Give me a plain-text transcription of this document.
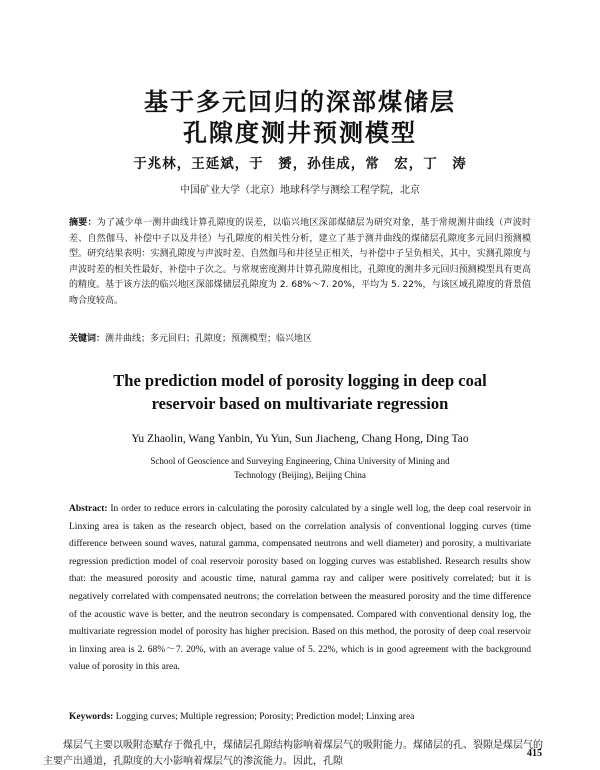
基于多元回归的深部煤储层
孔隙度测井预测模型
于兆林，王延斌，于　赟，孙佳成，常　宏，丁　涛
中国矿业大学（北京）地球科学与测绘工程学院，北京
摘要：为了减少单一测井曲线计算孔隙度的误差，以临兴地区深部煤储层为研究对象，基于常规测井曲线（声波时差、自然伽马、补偿中子以及井径）与孔隙度的相关性分析，建立了基于测井曲线的煤储层孔隙度多元回归预测模型。研究结果表明：实测孔隙度与声波时差、自然伽马和井径呈正相关，与补偿中子呈负相关，其中，实测孔隙度与声波时差的相关性最好，补偿中子次之。与常规密度测井计算孔隙度相比，孔隙度的测井多元回归预测模型具有更高的精度。基于该方法的临兴地区深部煤储层孔隙度为 2. 68%～7. 20%，平均为 5. 22%，与该区域孔隙度的背景值吻合度较高。
关键词：测井曲线；多元回归；孔隙度；预测模型；临兴地区
The prediction model of porosity logging in deep coal
reservoir based on multivariate regression
Yu Zhaolin, Wang Yanbin, Yu Yun, Sun Jiacheng, Chang Hong, Ding Tao
School of Geoscience and Surveying Engineering, China University of Mining and
Technology (Beijing), Beijing China
Abstract: In order to reduce errors in calculating the porosity calculated by a single well log, the deep coal reservoir in Linxing area is taken as the research object, based on the correlation analysis of conventional logging curves (time difference between sound waves, natural gamma, compensated neutrons and well diameter) and porosity, a multivariate regression prediction model of coal reservoir porosity based on logging curves was established. Research results show that: the measured porosity and acoustic time, natural gamma ray and caliper were positively correlated; but it is negatively correlated with compensated neutrons; the correlation between the measured porosity and the time difference of the acoustic wave is better, and the neutron secondary is compensated. Compared with conventional density log, the multivariate regression model of porosity has higher precision. Based on this method, the porosity of deep coal reservoir in linxing area is 2. 68%～7. 20%, with an average value of 5. 22%, which is in good agreement with the background value of porosity in this area.
Keywords: Logging curves; Multiple regression; Porosity; Prediction model; Linxing area
煤层气主要以吸附态赋存于微孔中，煤储层孔隙结构影响着煤层气的吸附能力。煤储层的孔、裂隙是煤层气的主要产出通道，孔隙度的大小影响着煤层气的渗流能力。因此，孔隙
415
